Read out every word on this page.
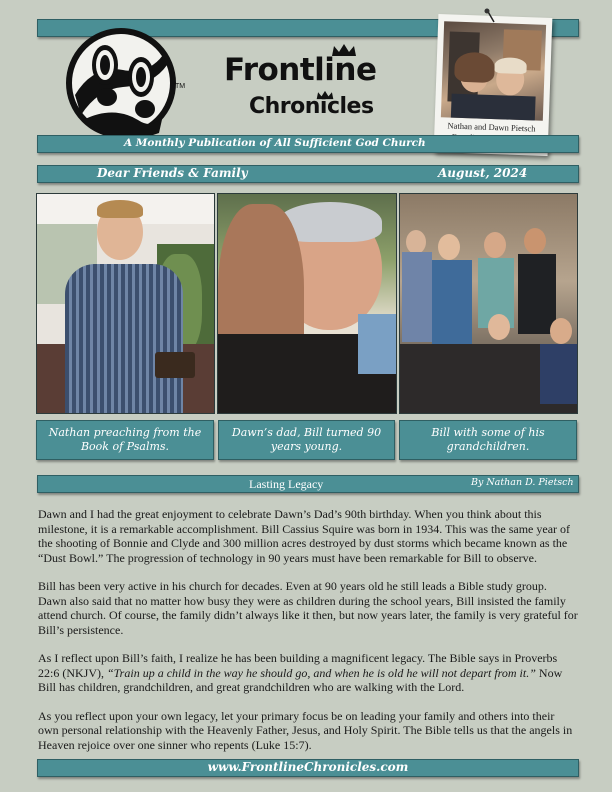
TM Frontline
Chronicles
Nathan and Dawn Pietsch
A Monthly Publication of All Sufficient God Church
Dear Friends & Family	August, 2024
Nathan preaching from the Book of Psalms.
Dawn’s dad, Bill turned 90 years young.
Bill with some of his grandchildren.
Lasting Legacy	By Nathan D. Pietsch

Dawn and I had the great enjoyment to celebrate Dawn’s Dad’s 90th birthday. When you think about this milestone, it is a remarkable accomplishment. Bill Cassius Squire was born in 1934. This was the same year of the shooting of Bonnie and Clyde and 300 million acres destroyed by dust storms which became known as the “Dust Bowl.” The progression of technology in 90 years must have been remarkable for Bill to observe.

Bill has been very active in his church for decades. Even at 90 years old he still leads a Bible study group. Dawn also said that no matter how busy they were as children during the school years, Bill insisted the family attend church. Of course, the family didn’t always like it then, but now years later, the family is very grateful for Bill’s persistence.

As I reflect upon Bill’s faith, I realize he has been building a magnificent legacy. The Bible says in Proverbs 22:6 (NKJV), “Train up a child in the way he should go, and when he is old he will not depart from it.” Now Bill has children, grandchildren, and great grandchildren who are walking with the Lord.

As you reflect upon your own legacy, let your primary focus be on leading your family and others into their own personal relationship with the Heavenly Father, Jesus, and Holy Spirit. The Bible tells us that the angels in Heaven rejoice over one sinner who repents (Luke 15:7).

www.FrontlineChronicles.com
